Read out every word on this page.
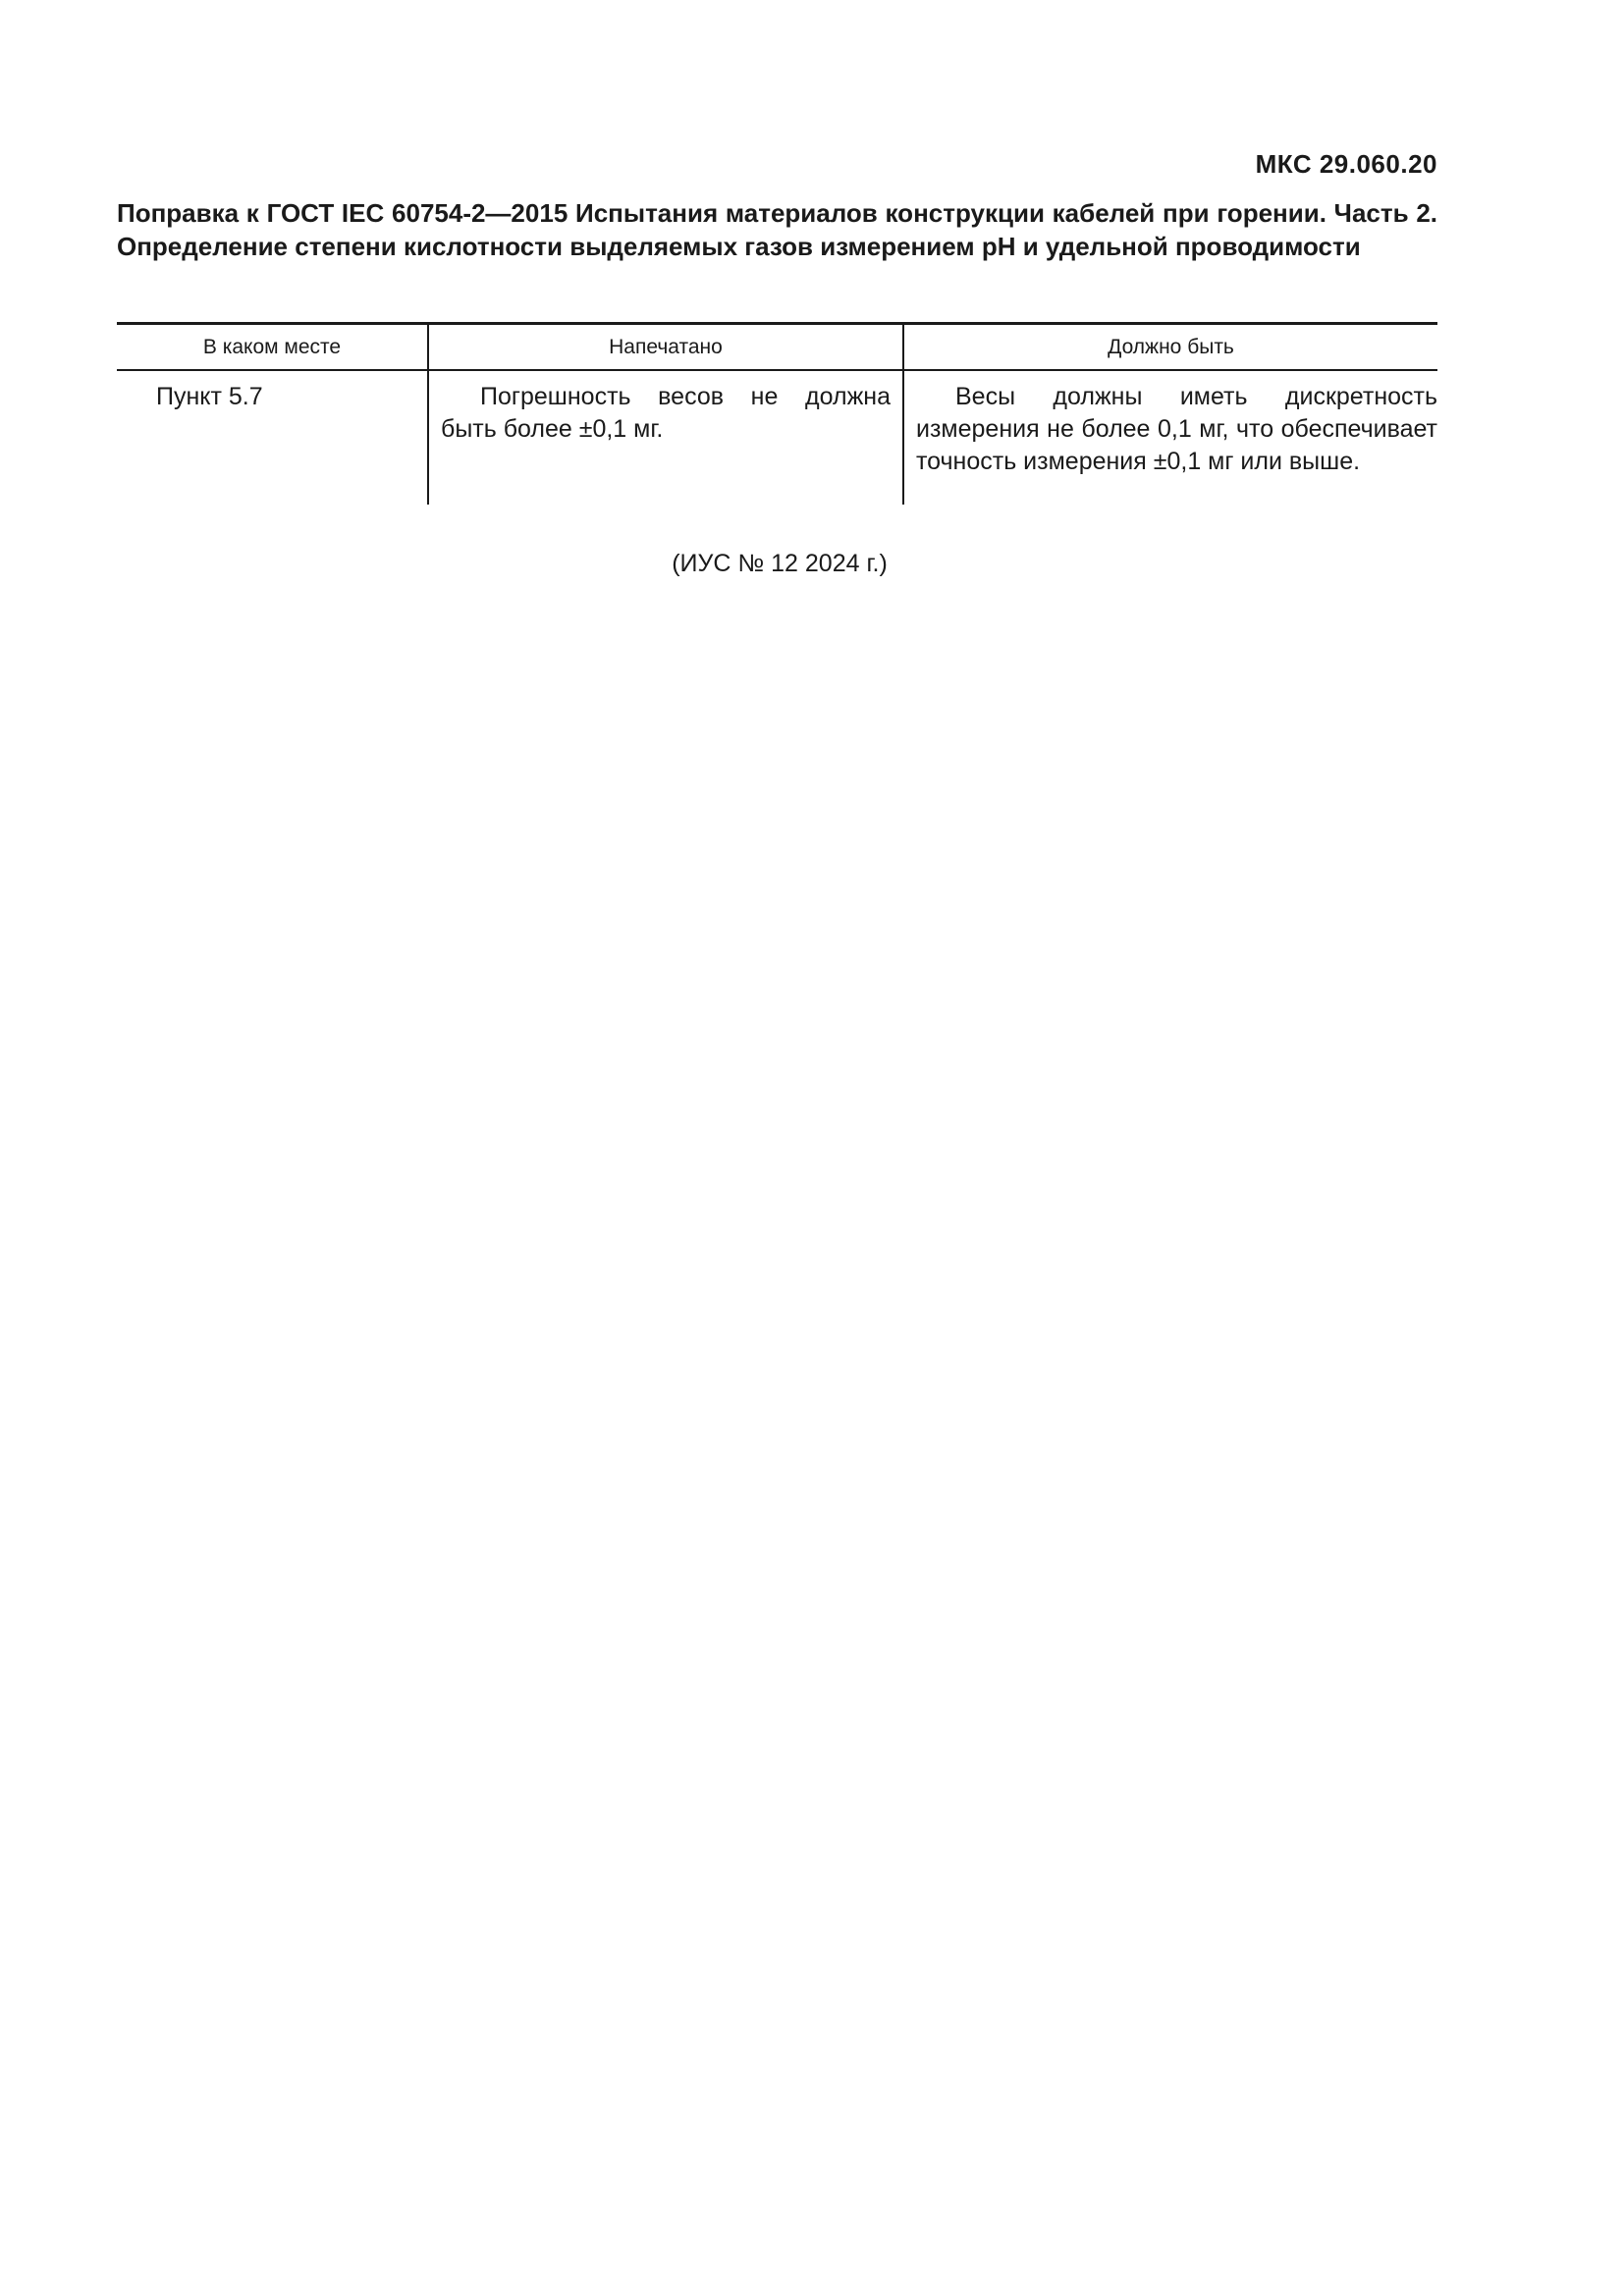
МКС 29.060.20
Поправка к ГОСТ IEC 60754-2—2015 Испытания материалов конструкции кабелей при горении. Часть 2. Определение степени кислотности выделяемых газов измерением pH и удельной проводимости
В каком месте	Напечатано	Должно быть
Пункт 5.7	Погрешность весов не должна быть более ±0,1 мг.	Весы должны иметь дискретность измерения не более 0,1 мг, что обеспечивает точность измерения ±0,1 мг или выше.
(ИУС № 12 2024 г.)
